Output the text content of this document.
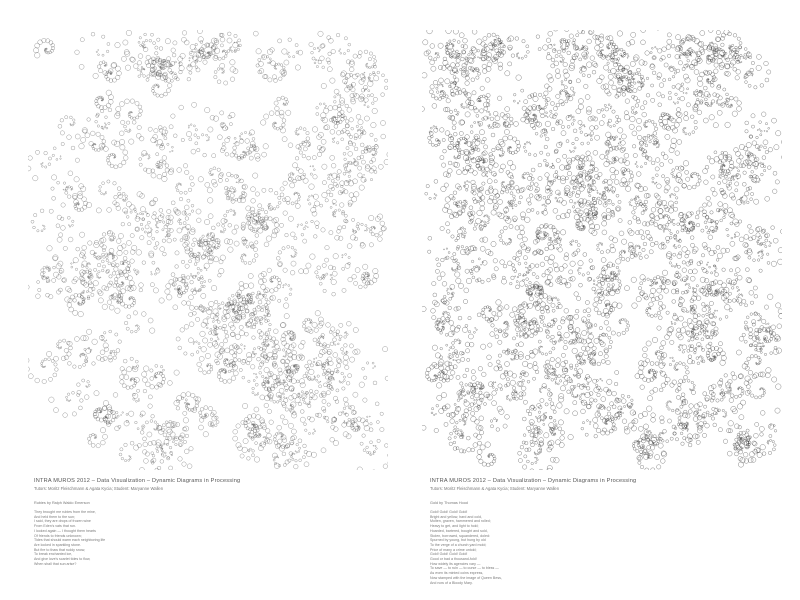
INTRA MUROS 2012 – Data Visualization – Dynamic Diagrams in Processing

Tutors: Moritz Fleischmann & Agata Kycia; Student: Maryanne Wallen

Rubies by Ralph Waldo Emerson

They brought me rubies from the mine,
And held them to the sun;
I said, they are drops of frozen wine
From Eden's vats that run.
I looked again — I thought them hearts
Of friends to friends unknown;
Tides that should warm each neighboring life
Are locked in sparkling stone.
But fire to thaw that ruddy snow,
To break enchanted ice,
And give love's scarlet tides to flow,
When shall that sun arise?

INTRA MUROS 2012 – Data Visualization – Dynamic Diagrams in Processing

Tutors: Moritz Fleischmann & Agata Kycia; Student: Maryanne Wallen

Gold by Thomas Hood

Gold! Gold! Gold! Gold!
Bright and yellow, hard and cold,
Molten, graven, hammered and rolled;
Heavy to get, and light to hold;
Hoarded, bartered, bought and sold,
Stolen, borrowed, squandered, doled:
Spurned by young, but hung by old
To the verge of a church yard mold;
Price of many a crime untold;
Gold! Gold! Gold! Gold!
Good or bad a thousand-fold!
How widely its agencies vary —
To save — to ruin — to curse — to bless —
As even its minted coins express,
Now stamped with the image of Queen Bess,
And now of a Bloody Mary.
